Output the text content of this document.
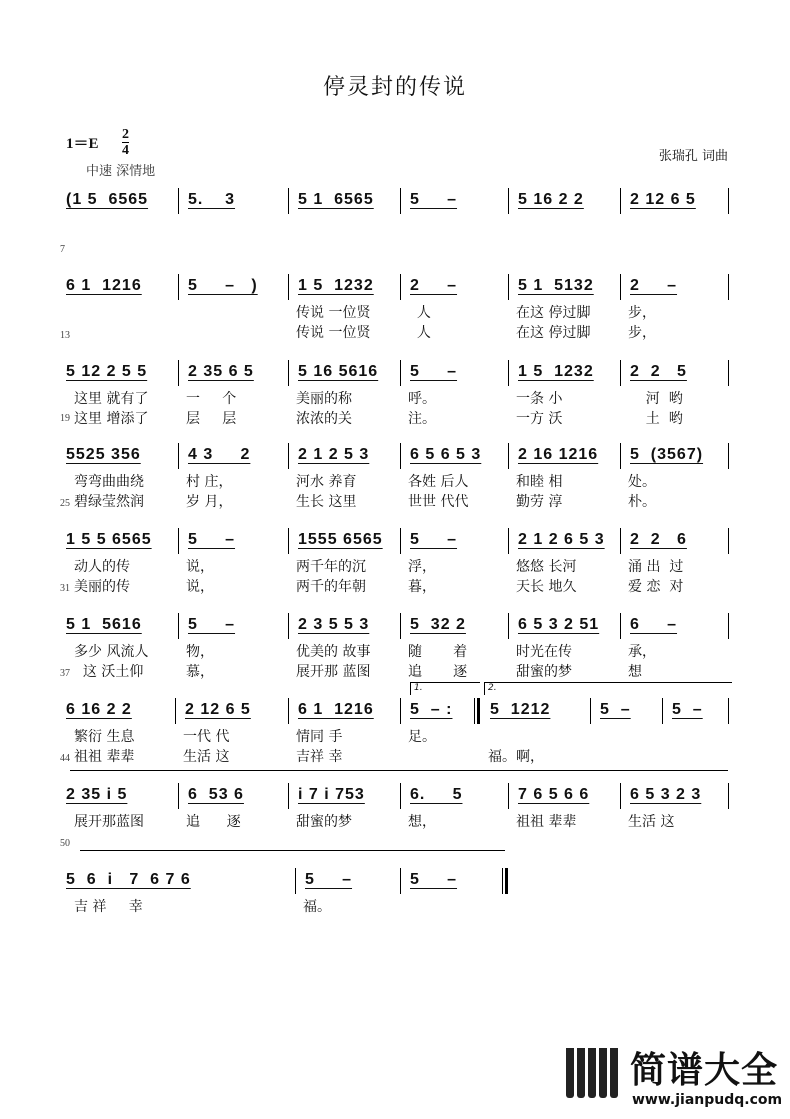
停灵封的传说
1＝E
2
4
中速 深情地
张瑞孔 词曲
(1 5  6565 5.    3	5 1  6565 5     –	5 16 2 2	2 12 6 5
7
6 1  1216	5     –   )	1 5  1232
传说 一位贤
传说 一位贤
2     –
人
人
5 1  5132
在这 停过脚
在这 停过脚
2     –
步，
步，
13
5 12 2 5 5
这里 就有了
这里 增添了
2 35 6 5
一     个
层     层
5 16 5616
美丽的称
浓浓的关
5     –
呼。
注。
1 5  1232
一条 小
一方 沃
2  2   5
河  哟
土  哟
19
5525 356
弯弯曲曲绕
碧绿莹然润
4 3     2
村 庄，
岁 月，
2 1 2 5 3
河水 养育
生长 这里
6 5 6 5 3
各姓 后人
世世 代代
2 16 1216
和睦 相
勤劳 淳
5  (3567)
处。
朴。
25
1 5 5 6565
动人的传
美丽的传
5     –
说，
说，
1555 6565
两千年的沉
两千的年朝
5     –
浮，
暮，
2 1 2 6 5 3
悠悠 长河
天长 地久
2  2   6
涌 出  过
爱 恋  对
31
5 1  5616
多少 风流人
这 沃土仰
5     –
物，
慕，
2 3 5 5 3
优美的 故事
展开那 蓝图
5  32 2
随       着
追       逐
6 5 3 2 51
时光在传
甜蜜的梦
6     –
承，
想
37
6 16 2 2
繁衍 生息
祖祖 辈辈
2 12 6 5
一代 代
生活 这
6 1  1216
情同 手
吉祥 幸
5  – :
足。
5  1212
福。啊，
5  –	5  –
1.	2.
44
2 35 i 5
展开那蓝图
6  53 6
追      逐
i 7 i 753
甜蜜的梦
6.     5
想，
7 6 5 6 6
祖祖 辈辈
6 5 3 2 3
生活 这
50
5  6  i   7  6 7 6
吉 祥     幸
5     –
福。
5     –
简谱大全
www.jianpudq.com
